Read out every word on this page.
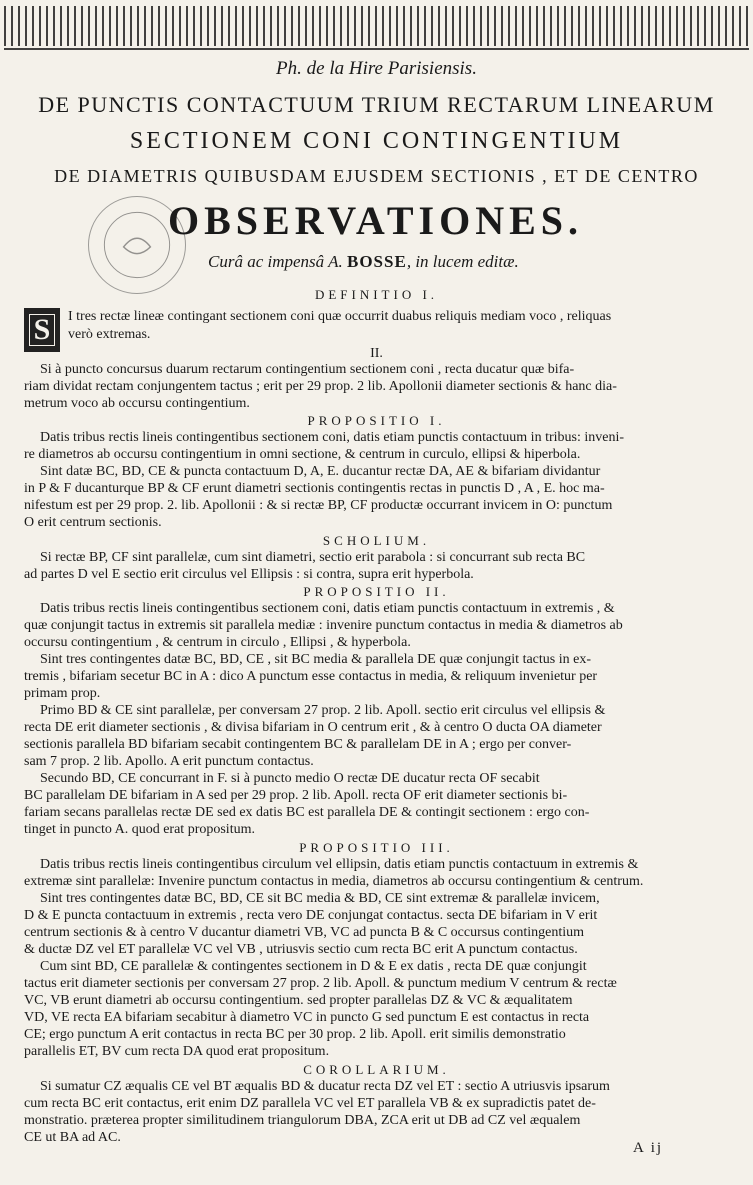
Ph. de la Hire Parisiensis.
DE PUNCTIS CONTACTUUM TRIUM RECTARUM LINEARUM
SECTIONEM CONI CONTINGENTIUM
DE DIAMETRIS QUIBUSDAM EJUSDEM SECTIONIS , ET DE CENTRO
OBSERVATIONES.
Curâ ac impensâ A. BOSSE, in lucem editæ.
S
DEFINITIO I.
I tres rectæ lineæ contingant sectionem coni quæ occurrit duabus reliquis mediam voco , reliquas
verò extremas.
II.
Si à puncto concursus duarum rectarum contingentium sectionem coni , recta ducatur quæ bifa-
riam dividat rectam conjungentem tactus ; erit per 29 prop. 2 lib. Apollonii diameter sectionis & hanc dia-
metrum voco ab occursu contingentium.
PROPOSITIO I.
Datis tribus rectis lineis contingentibus sectionem coni, datis etiam punctis contactuum in tribus: inveni-
re diametros ab occursu contingentium in omni sectione, & centrum in curculo, ellipsi & hiperbola.
Sint datæ BC, BD, CE & puncta contactuum D, A, E. ducantur rectæ DA, AE & bifariam dividantur
in P & F ducanturque BP & CF erunt diametri sectionis contingentis rectas in punctis D , A , E. hoc ma-
nifestum est per 29 prop. 2. lib. Apollonii : & si rectæ BP, CF productæ occurrant invicem in O: punctum
O erit centrum sectionis.
SCHOLIUM.
Si rectæ BP, CF sint parallelæ, cum sint diametri, sectio erit parabola : si concurrant sub recta BC
ad partes D vel E sectio erit circulus vel Ellipsis : si contra, supra erit hyperbola.
PROPOSITIO II.
Datis tribus rectis lineis contingentibus sectionem coni, datis etiam punctis contactuum in extremis , &
quæ conjungit tactus in extremis sit parallela mediæ : invenire punctum contactus in media & diametros ab
occursu contingentium , & centrum in circulo , Ellipsi , & hyperbola.
Sint tres contingentes datæ BC, BD, CE , sit BC media & parallela DE quæ conjungit tactus in ex-
tremis , bifariam secetur BC in A : dico A punctum esse contactus in media, & reliquum invenietur per
primam prop.
Primo BD & CE sint parallelæ, per conversam 27 prop. 2 lib. Apoll. sectio erit circulus vel ellipsis &
recta DE erit diameter sectionis , & divisa bifariam in O centrum erit , & à centro O ducta OA diameter
sectionis parallela BD bifariam secabit contingentem BC & parallelam DE in A ; ergo per conver-
sam 7 prop. 2 lib. Apollo. A erit punctum contactus.
Secundo BD, CE concurrant in F. si à puncto medio O rectæ DE ducatur recta OF secabit
BC parallelam DE bifariam in A sed per 29 prop. 2 lib. Apoll. recta OF erit diameter sectionis bi-
fariam secans parallelas rectæ DE sed ex datis BC est parallela DE & contingit sectionem : ergo con-
tinget in puncto A. quod erat propositum.
PROPOSITIO III.
Datis tribus rectis lineis contingentibus circulum vel ellipsin, datis etiam punctis contactuum in extremis &
extremæ sint parallelæ: Invenire punctum contactus in media, diametros ab occursu contingentium & centrum.
Sint tres contingentes datæ BC, BD, CE sit BC media & BD, CE sint extremæ & parallelæ invicem,
D & E puncta contactuum in extremis , recta vero DE conjungat contactus. secta DE bifariam in V erit
centrum sectionis & à centro V ducantur diametri VB, VC ad puncta B & C occursus contingentium
& ductæ DZ vel ET parallelæ VC vel VB , utriusvis sectio cum recta BC erit A punctum contactus.
Cum sint BD, CE parallelæ & contingentes sectionem in D & E ex datis , recta DE quæ conjungit
tactus erit diameter sectionis per conversam 27 prop. 2 lib. Apoll. & punctum medium V centrum & rectæ
VC, VB erunt diametri ab occursu contingentium. sed propter parallelas DZ & VC & æqualitatem
VD, VE recta EA bifariam secabitur à diametro VC in puncto G sed punctum E est contactus in recta
CE; ergo punctum A erit contactus in recta BC per 30 prop. 2 lib. Apoll. erit similis demonstratio
parallelis ET, BV cum recta DA quod erat propositum.
COROLLARIUM.
Si sumatur CZ æqualis CE vel BT æqualis BD & ducatur recta DZ vel ET : sectio A utriusvis ipsarum
cum recta BC erit contactus, erit enim DZ parallela VC vel ET parallela VB & ex supradictis patet de-
monstratio. præterea propter similitudinem triangulorum DBA, ZCA erit ut DB ad CZ vel æqualem
CE ut BA ad AC.
A ij
